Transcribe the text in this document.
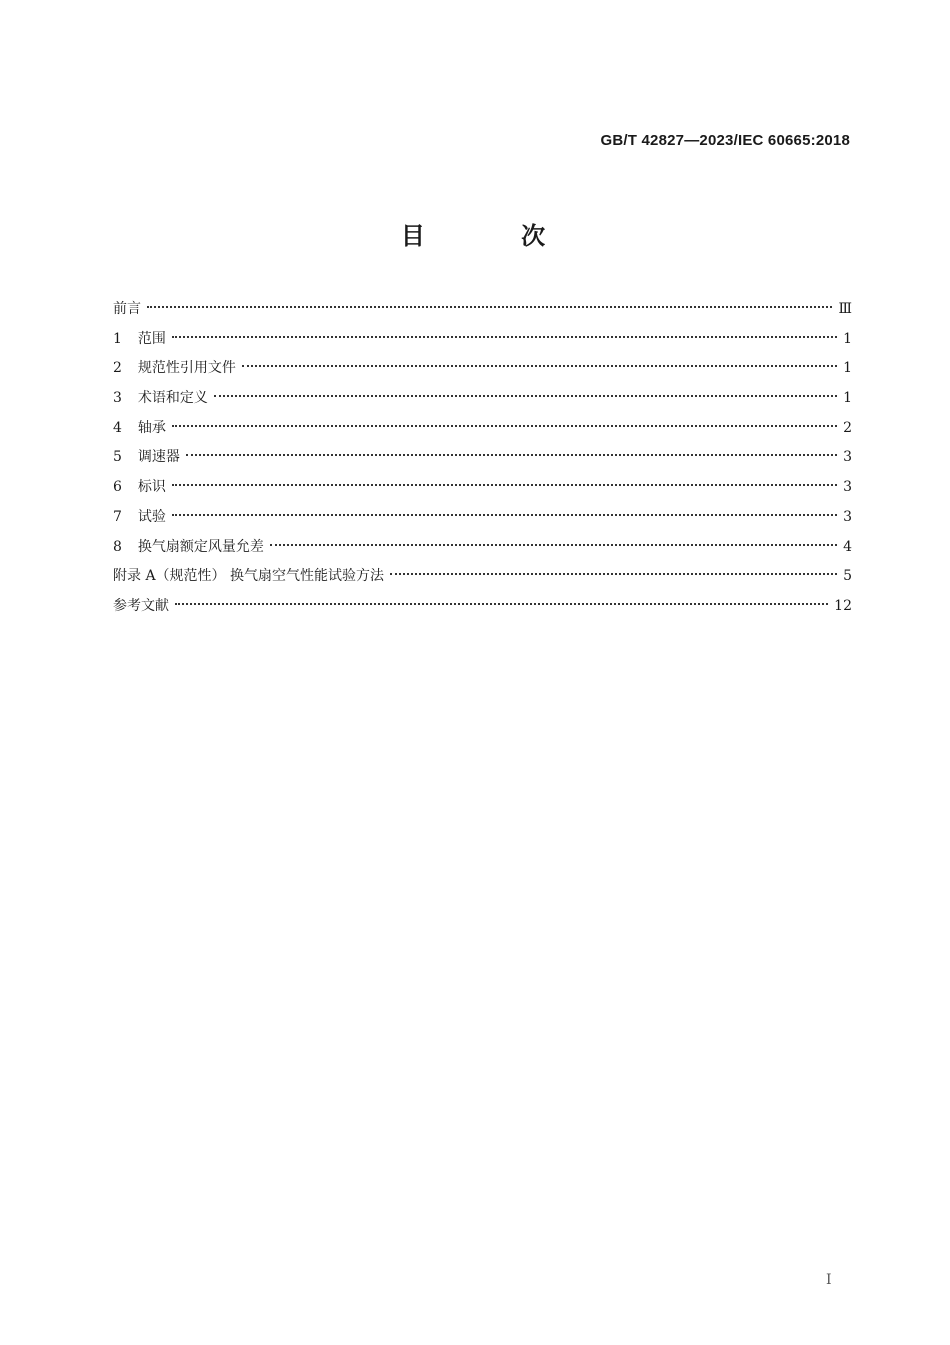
GB/T 42827—2023/IEC 60665:2018
目 次
前言	Ⅲ
1 范围	1
2 规范性引用文件	1
3 术语和定义	1
4 轴承	2
5 调速器	3
6 标识	3
7 试验	3
8 换气扇额定风量允差	4
附录 A（规范性） 换气扇空气性能试验方法	5
参考文献	12
I
